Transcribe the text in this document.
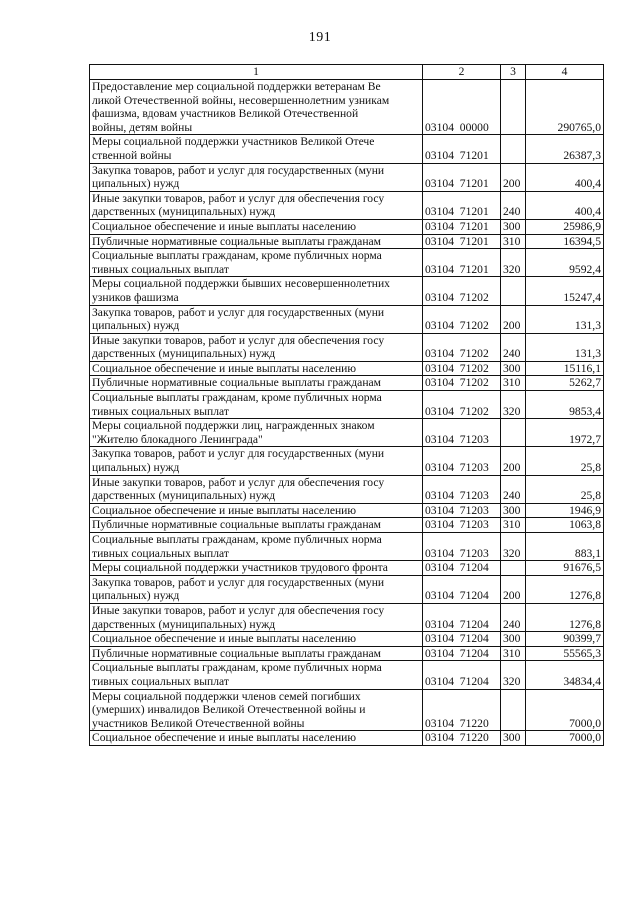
191
1	2	3	4
Предоставление мер социальной поддержки ветеранам Ве
ликой Отечественной войны, несовершеннолетним узникам
фашизма, вдовам участников Великой Отечественной
войны, детям войны	03104  00000		290765,0
Меры социальной поддержки участников Великой Отече
ственной войны	03104  71201		26387,3
Закупка товаров, работ и услуг для государственных (муни
ципальных) нужд	03104  71201	200	400,4
Иные закупки товаров, работ и услуг для обеспечения госу
дарственных (муниципальных) нужд	03104  71201	240	400,4
Социальное обеспечение и иные выплаты населению	03104  71201	300	25986,9
Публичные нормативные социальные выплаты гражданам	03104  71201	310	16394,5
Социальные выплаты гражданам, кроме публичных норма
тивных социальных выплат	03104  71201	320	9592,4
Меры социальной поддержки бывших несовершеннолетних
узников фашизма	03104  71202		15247,4
Закупка товаров, работ и услуг для государственных (муни
ципальных) нужд	03104  71202	200	131,3
Иные закупки товаров, работ и услуг для обеспечения госу
дарственных (муниципальных) нужд	03104  71202	240	131,3
Социальное обеспечение и иные выплаты населению	03104  71202	300	15116,1
Публичные нормативные социальные выплаты гражданам	03104  71202	310	5262,7
Социальные выплаты гражданам, кроме публичных норма
тивных социальных выплат	03104  71202	320	9853,4
Меры социальной поддержки лиц, награжденных знаком
"Жителю блокадного Ленинграда"	03104  71203		1972,7
Закупка товаров, работ и услуг для государственных (муни
ципальных) нужд	03104  71203	200	25,8
Иные закупки товаров, работ и услуг для обеспечения госу
дарственных (муниципальных) нужд	03104  71203	240	25,8
Социальное обеспечение и иные выплаты населению	03104  71203	300	1946,9
Публичные нормативные социальные выплаты гражданам	03104  71203	310	1063,8
Социальные выплаты гражданам, кроме публичных норма
тивных социальных выплат	03104  71203	320	883,1
Меры социальной поддержки участников трудового фронта	03104  71204		91676,5
Закупка товаров, работ и услуг для государственных (муни
ципальных) нужд	03104  71204	200	1276,8
Иные закупки товаров, работ и услуг для обеспечения госу
дарственных (муниципальных) нужд	03104  71204	240	1276,8
Социальное обеспечение и иные выплаты населению	03104  71204	300	90399,7
Публичные нормативные социальные выплаты гражданам	03104  71204	310	55565,3
Социальные выплаты гражданам, кроме публичных норма
тивных социальных выплат	03104  71204	320	34834,4
Меры социальной поддержки членов семей погибших
(умерших) инвалидов Великой Отечественной войны и
участников Великой Отечественной войны	03104  71220		7000,0
Социальное обеспечение и иные выплаты населению	03104  71220	300	7000,0
